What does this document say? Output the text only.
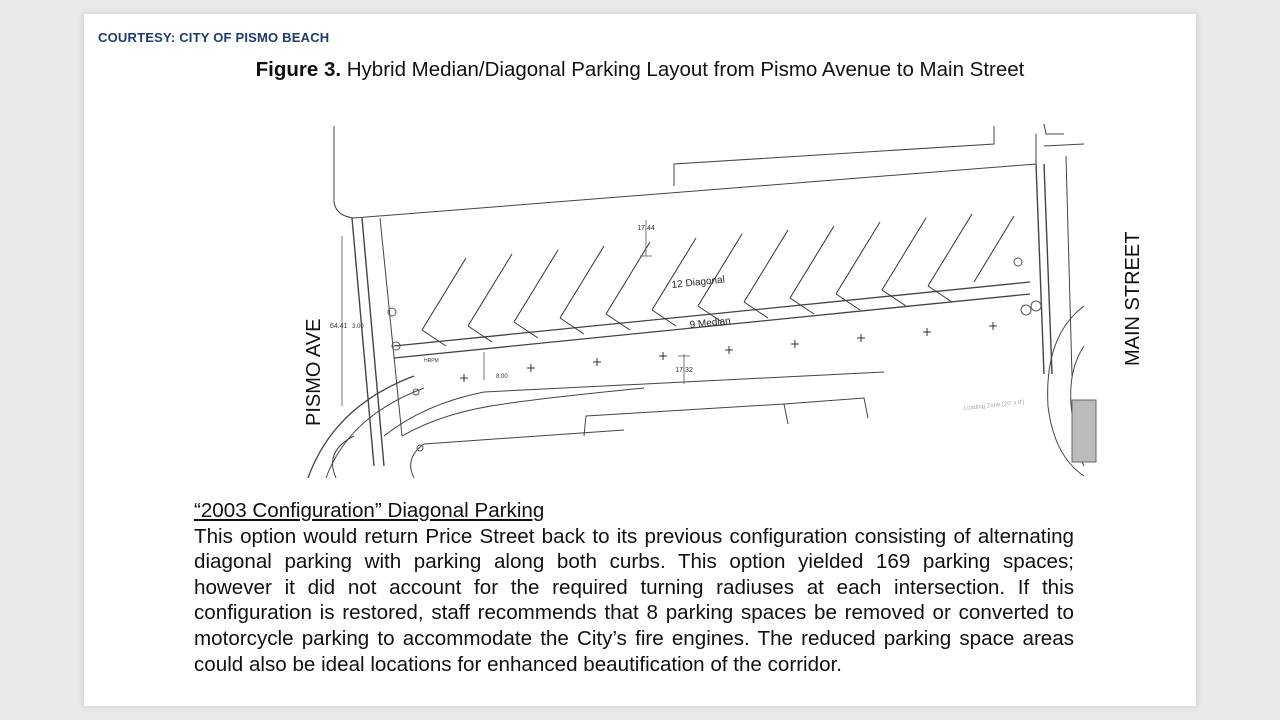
COURTESY: CITY OF PISMO BEACH
Figure 3. Hybrid Median/Diagonal Parking Layout from Pismo Avenue to Main Street
17.44
17.32
64.41 3.00
8.00
HRPM
12 Diagonal
9 Median
Loading Zone (20' x 8')
PISMO AVE
MAIN STREET
“2003 Configuration” Diagonal Parking
This option would return Price Street back to its previous configuration consisting of alternating diagonal parking with parking along both curbs. This option yielded 169 parking spaces; however it did not account for the required turning radiuses at each intersection. If this configuration is restored, staff recommends that 8 parking spaces be removed or converted to motorcycle parking to accommodate the City’s fire engines. The reduced parking space areas could also be ideal locations for enhanced beautification of the corridor.
